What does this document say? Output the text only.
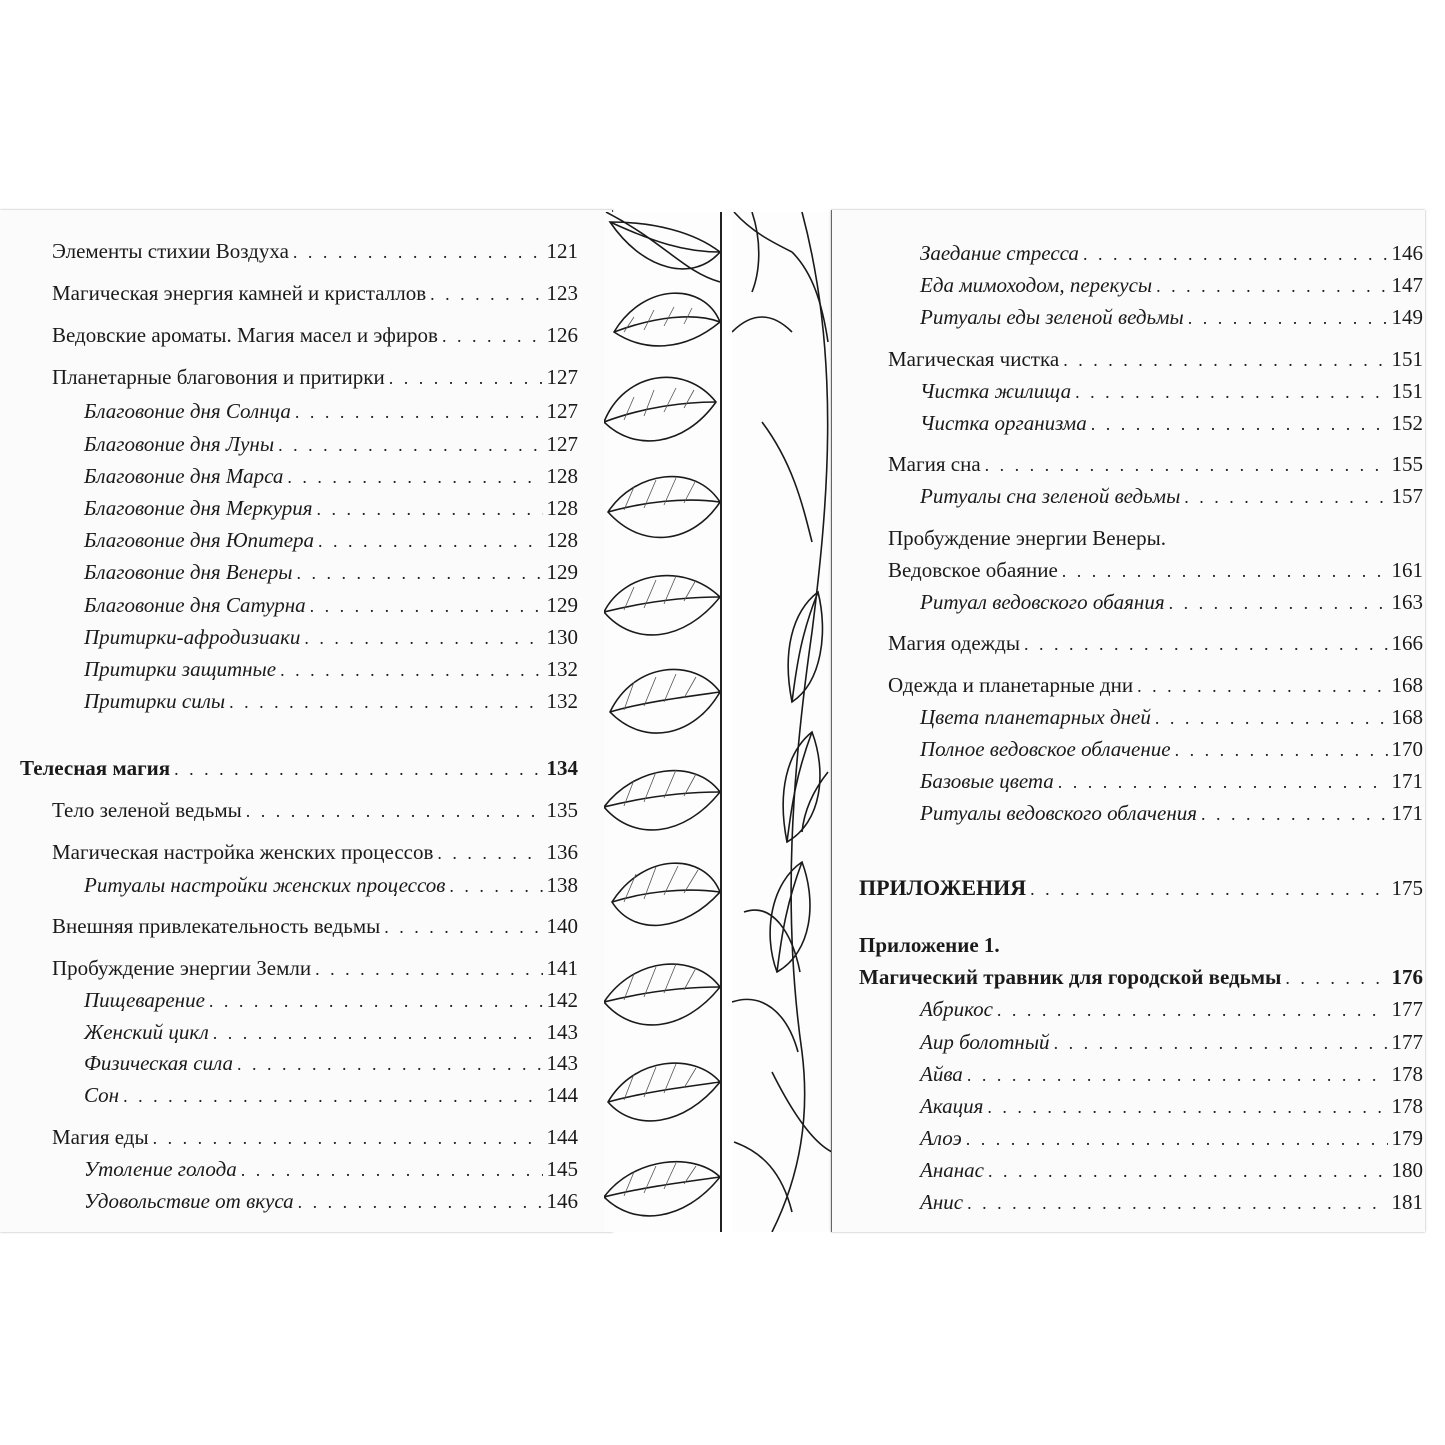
Элементы стихии Воздуха . . .	121
Магическая энергия камней и кристаллов . . .	123
Ведовские ароматы. Магия масел и эфиров . . .	126
Планетарные благовония и притирки . . .	127
Благовоние дня Солнца . . .	127
Благовоние дня Луны . . .	127
Благовоние дня Марса . . .	128
Благовоние дня Меркурия . . .	128
Благовоние дня Юпитера . . .	128
Благовоние дня Венеры . . .	129
Благовоние дня Сатурна . . .	129
Притирки-афродизиаки . . .	130
Притирки защитные . . .	132
Притирки силы . . .	132
Телесная магия . . .	134
Тело зеленой ведьмы . . .	135
Магическая настройка женских процессов . . .	136
Ритуалы настройки женских процессов . . .	138
Внешняя привлекательность ведьмы . . .	140
Пробуждение энергии Земли . . .	141
Пищеварение . . .	142
Женский цикл . . .	143
Физическая сила . . .	143
Сон . . .	144
Магия еды . . .	144
Утоление голода . . .	145
Удовольствие от вкуса . . .	146
Заедание стресса . . .	146
Еда мимоходом, перекусы . . .	147
Ритуалы еды зеленой ведьмы . . .	149
Магическая чистка . . .	151
Чистка жилища . . .	151
Чистка организма . . .	152
Магия сна . . .	155
Ритуалы сна зеленой ведьмы . . .	157
Пробуждение энергии Венеры.
Ведовское обаяние . . .	161
Ритуал ведовского обаяния . . .	163
Магия одежды . . .	166
Одежда и планетарные дни . . .	168
Цвета планетарных дней . . .	168
Полное ведовское облачение . . .	170
Базовые цвета . . .	171
Ритуалы ведовского облачения . . .	171
ПРИЛОЖЕНИЯ . . .	175
Приложение 1.
Магический травник для городской ведьмы . . .	176
Абрикос . . .	177
Аир болотный . . .	177
Айва . . .	178
Акация . . .	178
Алоэ . . .	179
Ананас . . .	180
Анис . . .	181
